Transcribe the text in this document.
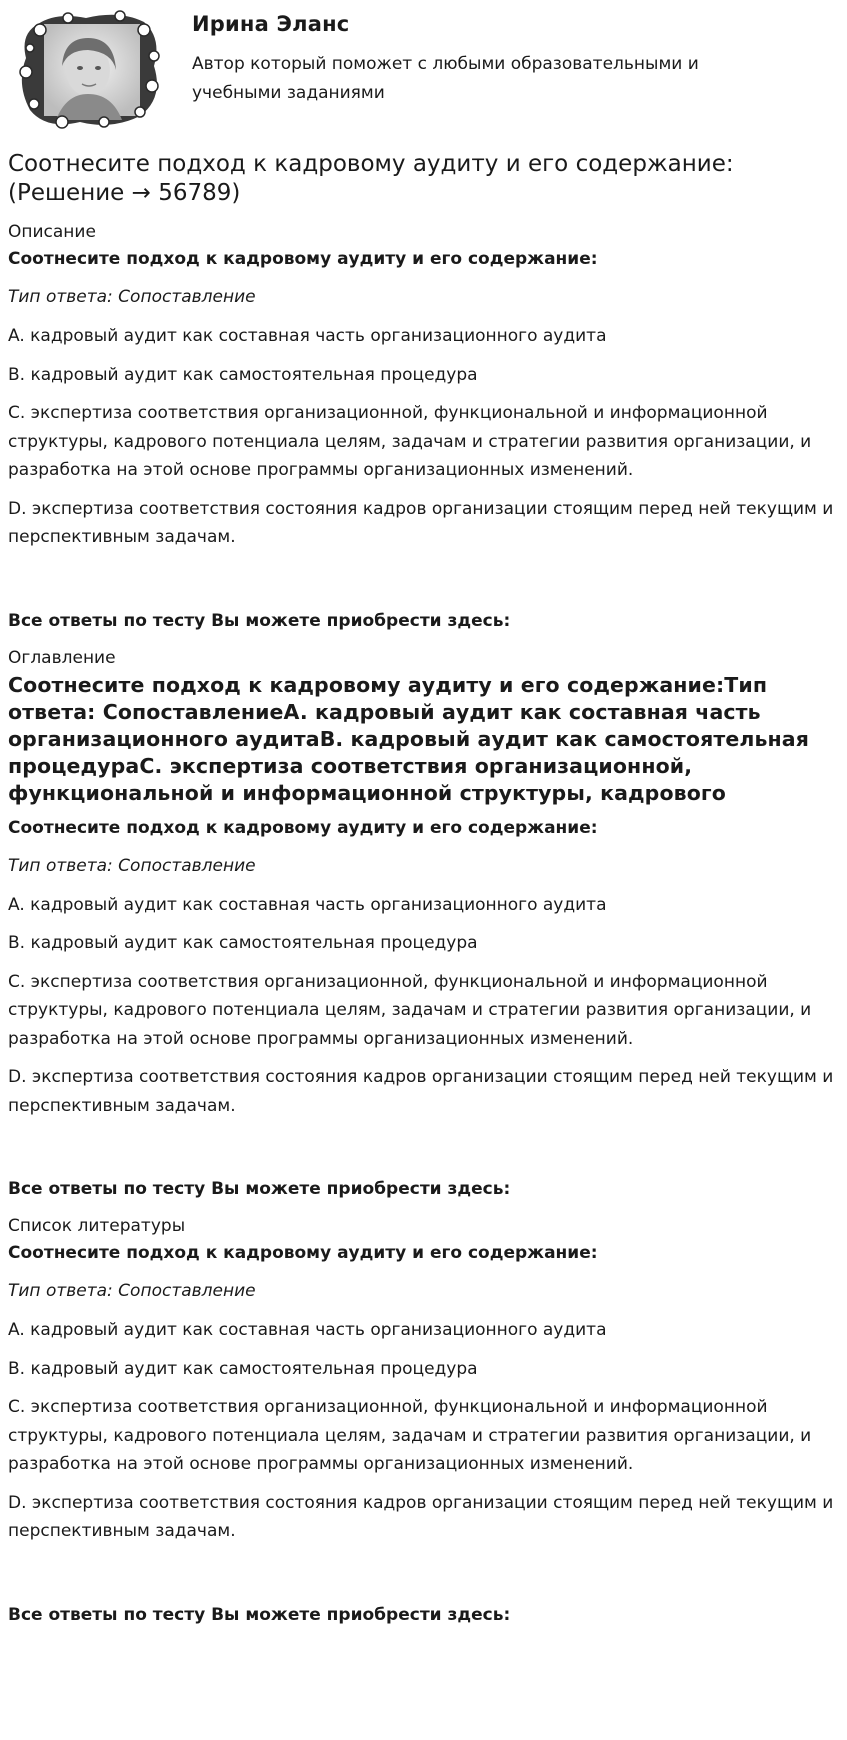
Ирина Эланс

Автор который поможет с любыми образовательными и учебными заданиями

Соотнесите подход к кадровому аудиту и его содержание: (Решение → 56789)

Описание

Соотнесите подход к кадровому аудиту и его содержание:

Тип ответа: Сопоставление

A. кадровый аудит как составная часть организационного аудита

B. кадровый аудит как самостоятельная процедура

C. экспертиза соответствия организационной, функциональной и информационной структуры, кадрового потенциала целям, задачам и стратегии развития организации, и разработка на этой основе программы организационных изменений.

D. экспертиза соответствия состояния кадров организации стоящим перед ней текущим и перспективным задачам.

Все ответы по тесту Вы можете приобрести здесь:

Оглавление

Соотнесите подход к кадровому аудиту и его содержание:Тип ответа: СопоставлениеA. кадровый аудит как составная часть организационного аудитаB. кадровый аудит как самостоятельная процедураC. экспертиза соответствия организационной, функциональной и информационной структуры, кадрового

Соотнесите подход к кадровому аудиту и его содержание:

Тип ответа: Сопоставление

A. кадровый аудит как составная часть организационного аудита

B. кадровый аудит как самостоятельная процедура

C. экспертиза соответствия организационной, функциональной и информационной структуры, кадрового потенциала целям, задачам и стратегии развития организации, и разработка на этой основе программы организационных изменений.

D. экспертиза соответствия состояния кадров организации стоящим перед ней текущим и перспективным задачам.

Все ответы по тесту Вы можете приобрести здесь:

Список литературы

Соотнесите подход к кадровому аудиту и его содержание:

Тип ответа: Сопоставление

A. кадровый аудит как составная часть организационного аудита

B. кадровый аудит как самостоятельная процедура

C. экспертиза соответствия организационной, функциональной и информационной структуры, кадрового потенциала целям, задачам и стратегии развития организации, и разработка на этой основе программы организационных изменений.

D. экспертиза соответствия состояния кадров организации стоящим перед ней текущим и перспективным задачам.

Все ответы по тесту Вы можете приобрести здесь:
